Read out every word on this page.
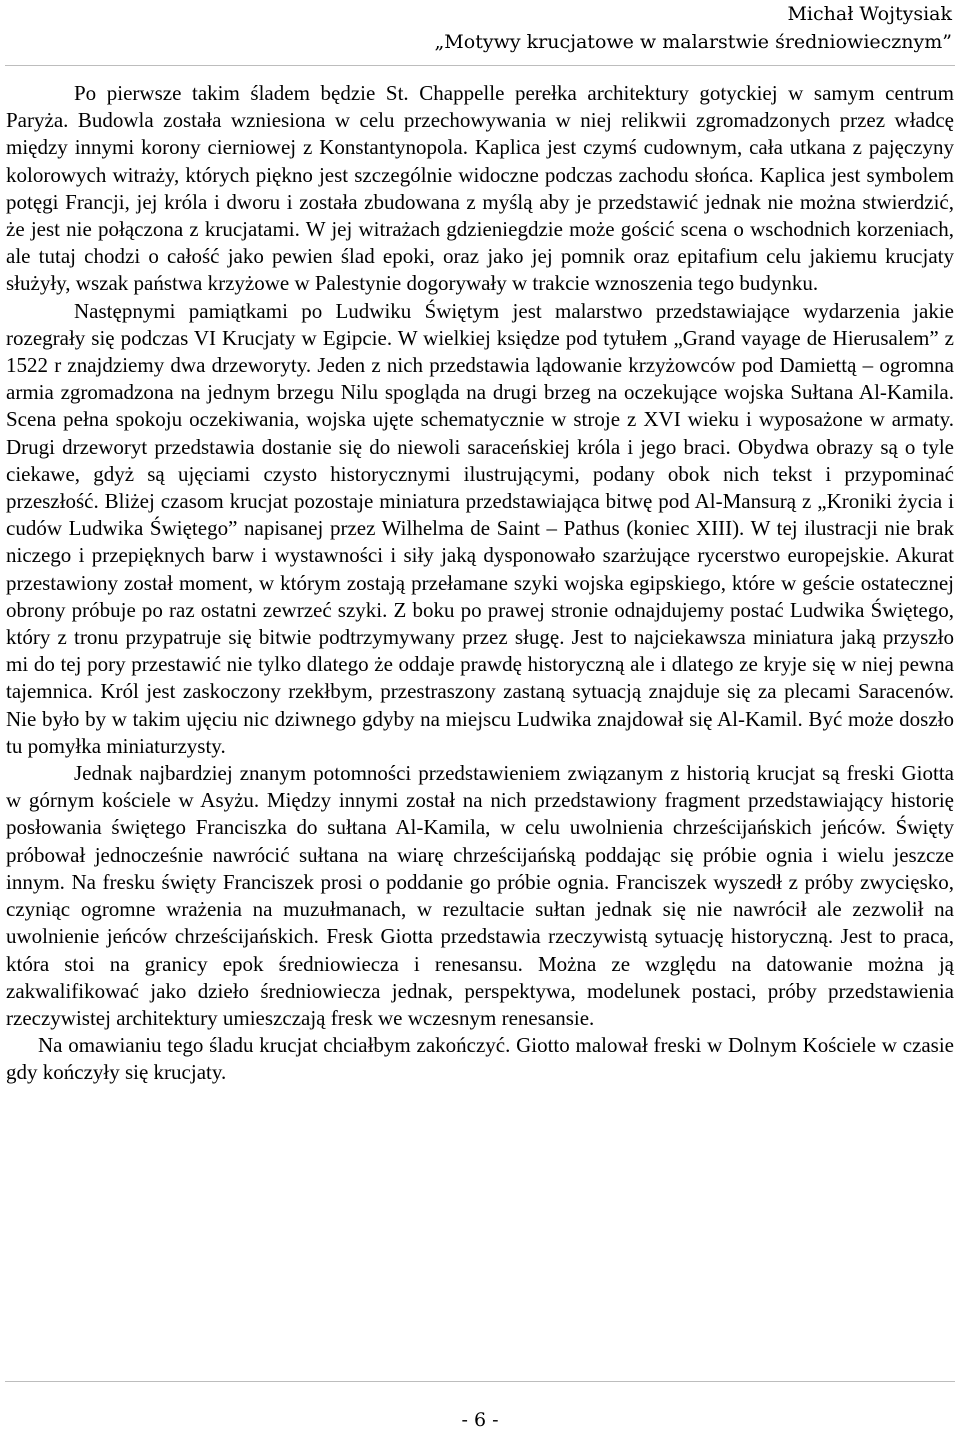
Michał Wojtysiak
„Motywy krucjatowe w malarstwie średniowiecznym”

Po pierwsze takim śladem będzie St. Chappelle perełka architektury gotyckiej w samym centrum Paryża. Budowla została wzniesiona w celu przechowywania w niej relikwii zgromadzonych przez władcę między innymi korony cierniowej z Konstantynopola. Kaplica jest czymś cudownym, cała utkana z pajęczyny kolorowych witraży, których piękno jest szczególnie widoczne podczas zachodu słońca. Kaplica jest symbolem potęgi Francji, jej króla i dworu i została zbudowana z myślą aby je przedstawić jednak nie można stwierdzić, że jest nie połączona z krucjatami. W jej witrażach gdzieniegdzie może gościć scena o wschodnich korzeniach, ale tutaj chodzi o całość jako pewien ślad epoki, oraz jako jej pomnik oraz epitafium celu jakiemu krucjaty służyły, wszak państwa krzyżowe w Palestynie dogorywały w trakcie wznoszenia tego budynku.

Następnymi pamiątkami po Ludwiku Świętym jest malarstwo przedstawiające wydarzenia jakie rozegrały się podczas VI Krucjaty w Egipcie. W wielkiej księdze pod tytułem „Grand vayage de Hierusalem” z 1522 r znajdziemy dwa drzeworyty. Jeden z nich przedstawia lądowanie krzyżowców pod Damiettą – ogromna armia zgromadzona na jednym brzegu Nilu spogląda na drugi brzeg na oczekujące wojska Sułtana Al-Kamila. Scena pełna spokoju oczekiwania, wojska ujęte schematycznie w stroje z XVI wieku i wyposażone w armaty. Drugi drzeworyt przedstawia dostanie się do niewoli saraceńskiej króla i jego braci. Obydwa obrazy są o tyle ciekawe, gdyż są ujęciami czysto historycznymi ilustrującymi, podany obok nich tekst i przypominać przeszłość. Bliżej czasom krucjat pozostaje miniatura przedstawiająca bitwę pod Al-Mansurą z „Kroniki życia i cudów Ludwika Świętego” napisanej przez Wilhelma de Saint – Pathus (koniec XIII). W tej ilustracji nie brak niczego i przepięknych barw i wystawności i siły jaką dysponowało szarżujące rycerstwo europejskie. Akurat przestawiony został moment, w którym zostają przełamane szyki wojska egipskiego, które w geście ostatecznej obrony próbuje po raz ostatni zewrzeć szyki. Z boku po prawej stronie odnajdujemy postać Ludwika Świętego, który z tronu przypatruje się bitwie podtrzymywany przez sługę. Jest to najciekawsza miniatura jaką przyszło mi do tej pory przestawić nie tylko dlatego że oddaje prawdę historyczną ale i dlatego ze kryje się w niej pewna tajemnica. Król jest zaskoczony rzekłbym, przestraszony zastaną sytuacją znajduje się za plecami Saracenów. Nie było by w takim ujęciu nic dziwnego gdyby na miejscu Ludwika znajdował się Al-Kamil. Być może doszło tu pomyłka miniaturzysty.

Jednak najbardziej znanym potomności przedstawieniem związanym z historią krucjat są freski Giotta w górnym kościele w Asyżu. Między innymi został na nich przedstawiony fragment przedstawiający historię posłowania świętego Franciszka do sułtana Al-Kamila, w celu uwolnienia chrześcijańskich jeńców. Święty próbował jednocześnie nawrócić sułtana na wiarę chrześcijańską poddając się próbie ognia i wielu jeszcze innym. Na fresku święty Franciszek prosi o poddanie go próbie ognia. Franciszek wyszedł z próby zwycięsko, czyniąc ogromne wrażenia na muzułmanach, w rezultacie sułtan jednak się nie nawrócił ale zezwolił na uwolnienie jeńców chrześcijańskich. Fresk Giotta przedstawia rzeczywistą sytuację historyczną. Jest to praca, która stoi na granicy epok średniowiecza i renesansu. Można ze względu na datowanie można ją zakwalifikować jako dzieło średniowiecza jednak, perspektywa, modelunek postaci, próby przedstawienia rzeczywistej architektury umieszczają fresk we wczesnym renesansie.

Na omawianiu tego śladu krucjat chciałbym zakończyć. Giotto malował freski w Dolnym Kościele w czasie gdy kończyły się krucjaty.

- 6 -
